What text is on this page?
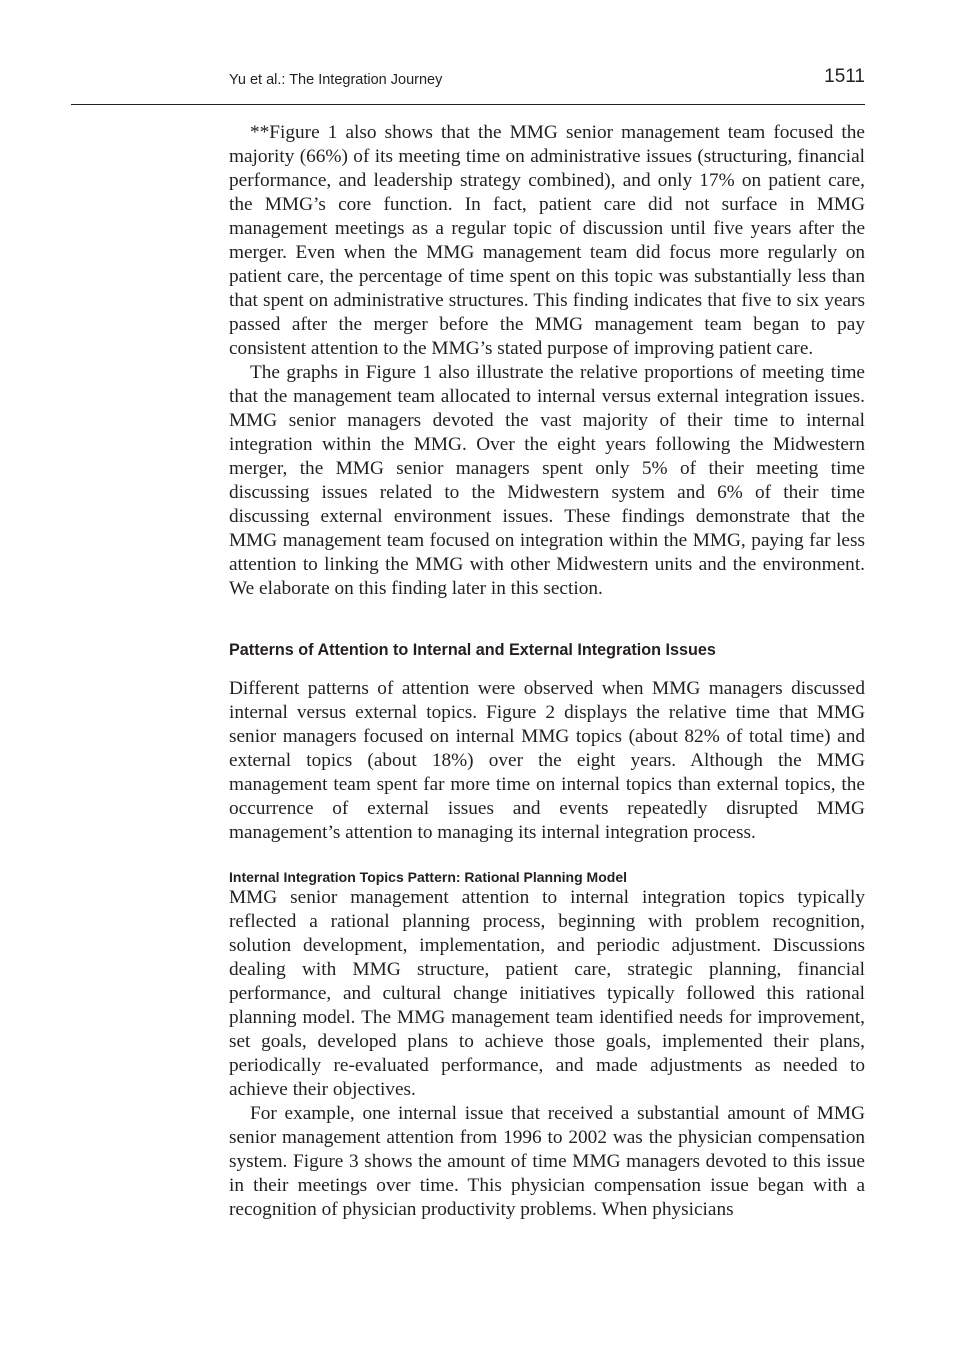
Yu et al.: The Integration Journey	1511

**Figure 1 also shows that the MMG senior management team focused the majority (66%) of its meeting time on administrative issues (structuring, financial performance, and leadership strategy combined), and only 17% on patient care, the MMG’s core function. In fact, patient care did not surface in MMG management meetings as a regular topic of discussion until five years after the merger. Even when the MMG management team did focus more regularly on patient care, the percentage of time spent on this topic was substantially less than that spent on administrative structures. This finding indicates that five to six years passed after the merger before the MMG management team began to pay consistent attention to the MMG’s stated purpose of improving patient care.

The graphs in Figure 1 also illustrate the relative proportions of meeting time that the management team allocated to internal versus external integration issues. MMG senior managers devoted the vast majority of their time to internal integration within the MMG. Over the eight years following the Midwestern merger, the MMG senior managers spent only 5% of their meeting time discussing issues related to the Midwestern system and 6% of their time discussing external environment issues. These findings demonstrate that the MMG management team focused on integration within the MMG, paying far less attention to linking the MMG with other Midwestern units and the environment. We elaborate on this finding later in this section.

Patterns of Attention to Internal and External Integration Issues

Different patterns of attention were observed when MMG managers discussed internal versus external topics. Figure 2 displays the relative time that MMG senior managers focused on internal MMG topics (about 82% of total time) and external topics (about 18%) over the eight years. Although the MMG management team spent far more time on internal topics than external topics, the occurrence of external issues and events repeatedly disrupted MMG management’s attention to managing its internal integration process.

Internal Integration Topics Pattern: Rational Planning Model

MMG senior management attention to internal integration topics typically reflected a rational planning process, beginning with problem recognition, solution development, implementation, and periodic adjustment. Discussions dealing with MMG structure, patient care, strategic planning, financial performance, and cultural change initiatives typically followed this rational planning model. The MMG management team identified needs for improvement, set goals, developed plans to achieve those goals, implemented their plans, periodically re-evaluated performance, and made adjustments as needed to achieve their objectives.

For example, one internal issue that received a substantial amount of MMG senior management attention from 1996 to 2002 was the physician compensation system. Figure 3 shows the amount of time MMG managers devoted to this issue in their meetings over time. This physician compensation issue began with a recognition of physician productivity problems. When physicians
